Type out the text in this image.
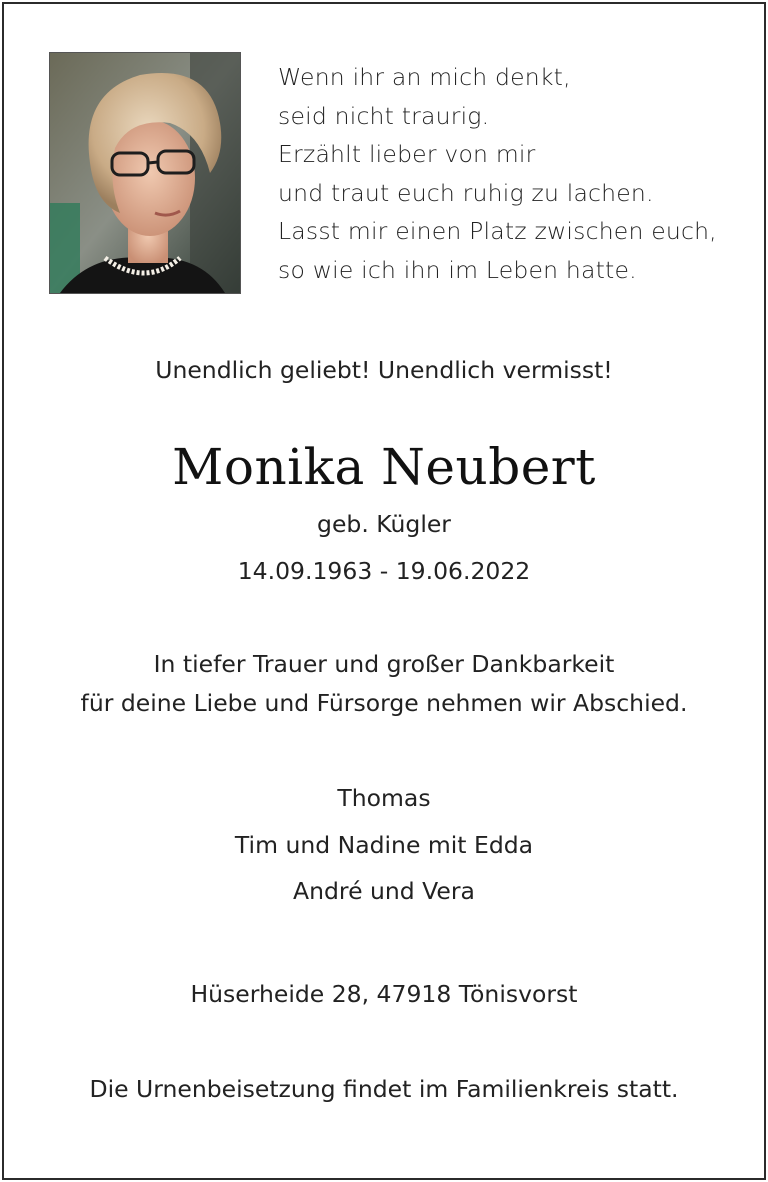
Wenn ihr an mich denkt,
seid nicht traurig.
Erzählt lieber von mir
und traut euch ruhig zu lachen.
Lasst mir einen Platz zwischen euch,
so wie ich ihn im Leben hatte.
Unendlich geliebt! Unendlich vermisst!
Monika Neubert
geb. Kügler
14.09.1963 - 19.06.2022
In tiefer Trauer und großer Dankbarkeit
für deine Liebe und Fürsorge nehmen wir Abschied.
Thomas
Tim und Nadine mit Edda
André und Vera
Hüserheide 28, 47918 Tönisvorst
Die Urnenbeisetzung findet im Familienkreis statt.
